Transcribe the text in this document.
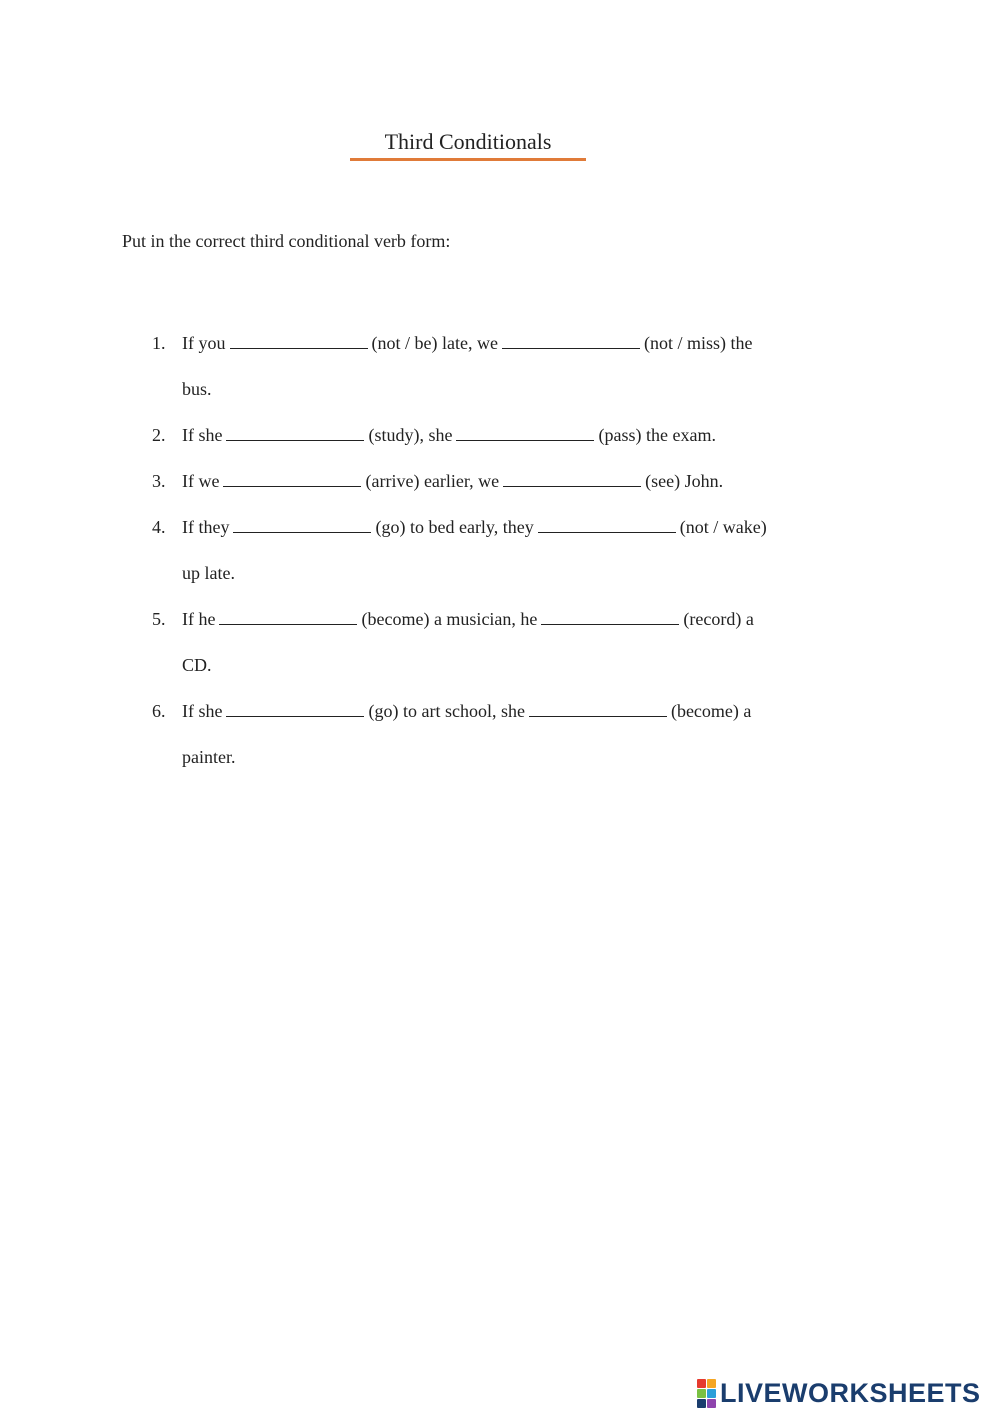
Third Conditionals
Put in the correct third conditional verb form:
1. If you	(not / be) late, we	(not / miss) the
bus.
2. If she	(study), she	(pass) the exam.
3. If we	(arrive) earlier, we	(see) John.
4. If they	(go) to bed early, they	(not / wake)
up late.
5. If he	(become) a musician, he	(record) a
CD.
6. If she	(go) to art school, she	(become) a
painter.
LIVEWORKSHEETS
